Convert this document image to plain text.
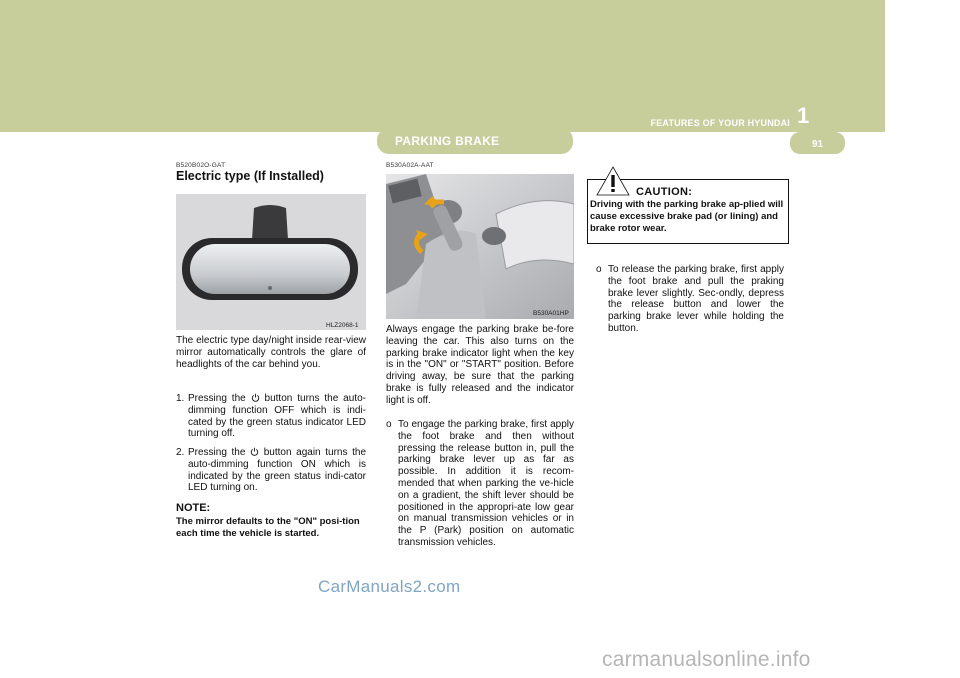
1
FEATURES OF YOUR HYUNDAI
PARKING BRAKE	91
B520B02O-GAT
Electric type (If Installed)
HLZ2068-1
The electric type day/night inside rear-view mirror automatically controls the glare of headlights of the car behind you.
1. Pressing the button turns the auto-dimming function OFF which is indi-cated by the green status indicator LED turning off.
2. Pressing the button again turns the auto-dimming function ON which is indicated by the green status indi-cator LED turning on.
NOTE:
The mirror defaults to the "ON" posi-tion each time the vehicle is started.
B530A02A-AAT
B530A01HP
Always engage the parking brake be-fore leaving the car. This also turns on the parking brake indicator light when the key is in the "ON" or "START" position. Before driving away, be sure that the parking brake is fully released and the indicator light is off.
o To engage the parking brake, first apply the foot brake and then without pressing the release button in, pull the parking brake lever up as far as possible. In addition it is recom-mended that when parking the ve-hicle on a gradient, the shift lever should be positioned in the appropri-ate low gear on manual transmission vehicles or in the P (Park) position on automatic transmission vehicles.
CAUTION:
Driving with the parking brake ap-plied will cause excessive brake pad (or lining) and brake rotor wear.
o To release the parking brake, first apply the foot brake and pull the praking brake lever slightly. Sec-ondly, depress the release button and lower the parking brake lever while holding the button.
CarManuals2.com
carmanualsonline.info
